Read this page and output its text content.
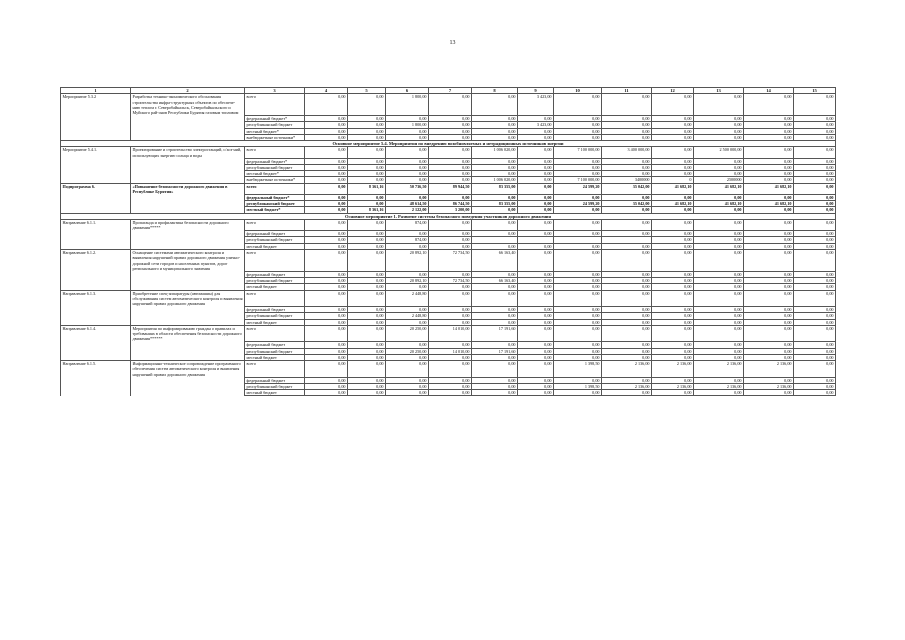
13
1	2	3	4	5	6	7	8	9	10	11	12	13	14	15
Мероприятие 5.3.2	Разработка технико-экономического обоснования строительства инфра-структурных объектов по обеспече-нию теплом г. Северобайкальск, Северобайкальского и Муйского рай-онов Республики Бурятия газовым топливом	всего	0,00	0,00	1 800,00	0,00	0,00	3 423,00	0,00	0,00	0,00	0,00	0,00	0,00
		федеральный бюджет*	0,00	0,00	0,00	0,00	0,00	0,00	0,00	0,00	0,00	0,00	0,00	0,00
		республиканский бюджет	0,00	0,00	1 800,00	0,00	0,00	3 423,00	0,00	0,00	0,00	0,00	0,00	0,00
		местный бюджет*	0,00	0,00	0,00	0,00	0,00	0,00	0,00	0,00	0,00	0,00	0,00	0,00
		внебюджетные источники*	0,00	0,00	0,00	0,00	0,00	0,00	0,00	0,00	0,00	0,00	0,00	0,00
Основное мероприятие 5.4. Мероприятия по внедрению возобновляемых и нетрадиционных источников энергии														
Мероприятие 5.4.1.	Проектирование и строительство электростанций, с/хоз-ний, использующих энергию солнца и воды	всего	0,00	0,00	0,00	0,00	1 006 020,00	0,00	7 100 000,00	3 400 000,00	0,00	2 500 000,00	0,00	0,00
		федеральный бюджет*	0,00	0,00	0,00	0,00	0,00	0,00	0,00	0,00	0,00	0,00	0,00	0,00
		республиканский бюджет	0,00	0,00	0,00	0,00	0,00	0,00	0,00	0,00	0,00	0,00	0,00	0,00
		местный бюджет*	0,00	0,00	0,00	0,00	0,00	0,00	0,00	0,00	0,00	0,00	0,00	0,00
		внебюджетные источники*	0,00	0,00	0,00	0,00	1 006 020,00	0,00	7 100 000,00	3400000	0	2500000	0,00	0,00
Подпрограмма 6.	«Повышение безопасности дорожного движения в Республике Бурятия»	всего	0,00	8 361,16	50 736,50	89 944,50	83 355,00	0,00	24 599,20	35 042,00	41 682,10	41 682,10	41 682,10	0,00
		федеральный бюджет*	0,00	0,00	0,00	0,00	0,00	0,00	0,00	0,00	0,00	0,00	0,00	0,00
		республиканский бюджет	0,00	0,00	48 614,50	86 744,50	83 355,00	0,00	24 599,20	35 042,00	41 682,10	41 682,10	41 682,10	0,00
		местный бюджет*	0,00	8 361,16	2 122,00	3 200,00	0,00	0,00	0,00	0,00	0,00	0,00	0,00	0,00
Основное мероприятие 1. Развитие системы безопасного поведения участников дорожного движения														
Направление 6.1.1.	Пропаганда и профилактика безопасности дорожного движения*****	всего	0,00	0,00	874,00	0,00	0,00	0,00	0,00	0,00	0,00	0,00	0,00	0,00
		федеральный бюджет	0,00	0,00	0,00	0,00	0,00	0,00	0,00	0,00	0,00	0,00	0,00	0,00
		республиканский бюджет	0,00	0,00	874,00	0,00					0,00	0,00	0,00	0,00
		местный бюджет	0,00	0,00	0,00	0,00	0,00	0,00	0,00	0,00	0,00	0,00	0,00	0,00
Направление 6.1.2.	Оснащение системами автоматического контроля и выявления нарушений правил дорожного движения улично-дорожной сети городов и населенных пунктов, дорог регионального и муниципального значения	всего	0,00	0,00	20 892,10	72 734,50	66 163,40	0,00	0,00	0,00	0,00	0,00	0,00	0,00
		федеральный бюджет	0,00	0,00	0,00	0,00	0,00	0,00	0,00	0,00	0,00	0,00	0,00	0,00
		республиканский бюджет	0,00	0,00	20 892,10	72 734,50	66 163,40	0,00	0,00	0,00	0,00	0,00	0,00	0,00
		местный бюджет	0,00	0,00	0,00	0,00	0,00	0,00	0,00	0,00	0,00	0,00	0,00	0,00
Направление 6.1.3.	Приобретение спец-аппаратуры (автомашин) для обслуживания систем автоматического контроля и выявления нарушений правил дорожного движения	всего	0,00	0,00	2 448,80	0,00	0,00	0,00	0,00	0,00	0,00	0,00	0,00	0,00
		федеральный бюджет	0,00	0,00	0,00	0,00	0,00	0,00	0,00	0,00	0,00	0,00	0,00	0,00
		республиканский бюджет	0,00	0,00	2 448,80	0,00	0,00	0,00	0,00	0,00	0,00	0,00	0,00	0,00
		местный бюджет	0,00	0,00	0,00	0,00	0,00	0,00	0,00	0,00	0,00	0,00	0,00	0,00
Направление 6.1.4.	Мероприятия по информированию граждан о правилах и требованиях в области обеспечения безопасности дорожного движения******	всего	0,00	0,00	20 250,00	14 010,00	17 191,60	0,00	0,00	0,00	0,00	0,00	0,00	0,00
		федеральный бюджет	0,00	0,00	0,00	0,00	0,00	0,00	0,00	0,00	0,00	0,00	0,00	0,00
		республиканский бюджет	0,00	0,00	20 250,00	14 010,00	17 191,60	0,00	0,00	0,00	0,00	0,00	0,00	0,00
		местный бюджет	0,00	0,00	0,00	0,00	0,00	0,00	0,00	0,00	0,00	0,00	0,00	0,00
Направление 6.1.5.	Информационно-техническое сопровождение программного обеспечения систем автоматического контроля и выявления нарушений правил дорожного движения	всего	0,00	0,00	0,00	0,00	0,00	0,00	1 398,50	2 136,00	2 136,00	2 136,00	2 136,00	0,00
		федеральный бюджет	0,00	0,00	0,00	0,00	0,00	0,00	0,00	0,00	0,00	0,00	0,00	0,00
		республиканский бюджет	0,00	0,00	0,00	0,00	0,00	0,00	1 398,50	2 136,00	2 136,00	2 136,00	2 136,00	0,00
		местный бюджет	0,00	0,00	0,00	0,00	0,00	0,00	0,00	0,00	0,00	0,00	0,00	0,00
